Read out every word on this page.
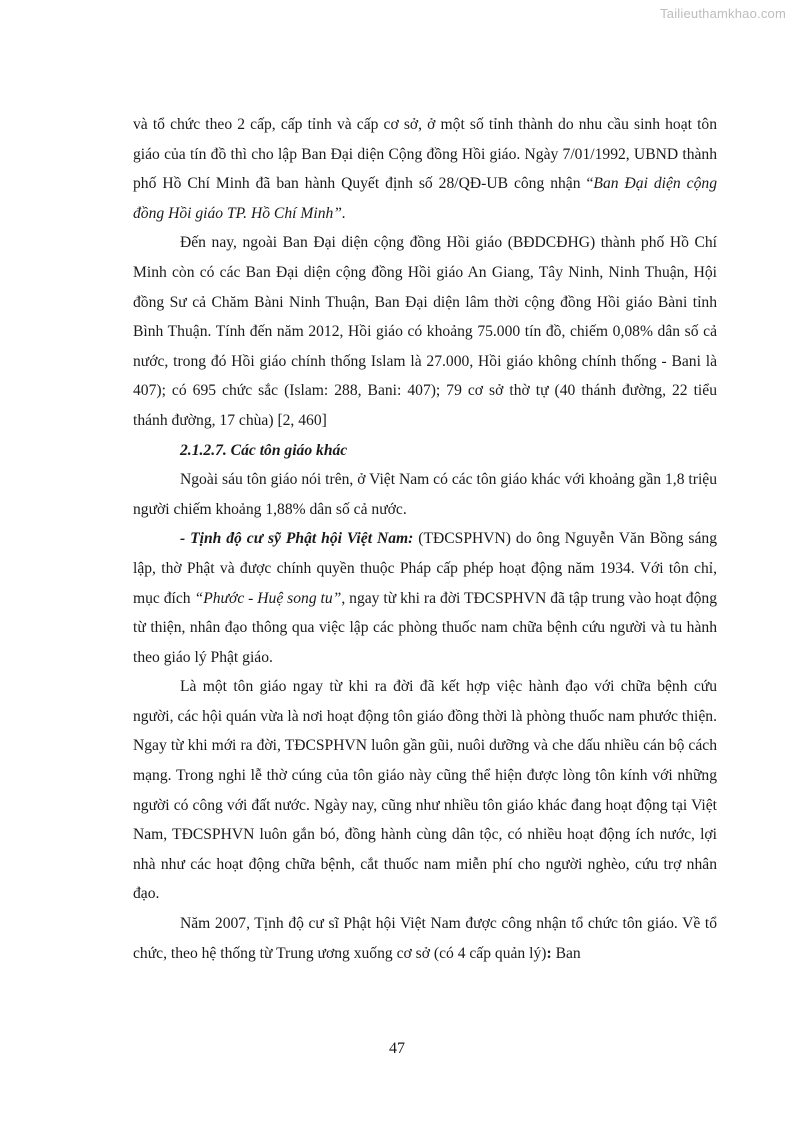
Tailieuthamkhao.com

và tổ chức theo 2 cấp, cấp tỉnh và cấp cơ sở, ở một số tỉnh thành do nhu cầu sinh hoạt tôn giáo của tín đồ thì cho lập Ban Đại diện Cộng đồng Hồi giáo. Ngày 7/01/1992, UBND thành phố Hồ Chí Minh đã ban hành Quyết định số 28/QĐ-UB công nhận “Ban Đại diện cộng đồng Hồi giáo TP. Hồ Chí Minh”.

Đến nay, ngoài Ban Đại diện cộng đồng Hồi giáo (BĐDCĐHG) thành phố Hồ Chí Minh còn có các Ban Đại diện cộng đồng Hồi giáo An Giang, Tây Ninh, Ninh Thuận, Hội đồng Sư cả Chăm Bàni Ninh Thuận, Ban Đại diện lâm thời cộng đồng Hồi giáo Bàni tỉnh Bình Thuận. Tính đến năm 2012, Hồi giáo có khoảng 75.000 tín đồ, chiếm 0,08% dân số cả nước, trong đó Hồi giáo chính thống Islam là 27.000, Hồi giáo không chính thống - Bani là 407); có 695 chức sắc (Islam: 288, Bani: 407); 79 cơ sở thờ tự (40 thánh đường, 22 tiểu thánh đường, 17 chùa) [2, 460]

2.1.2.7. Các tôn giáo khác

Ngoài sáu tôn giáo nói trên, ở Việt Nam có các tôn giáo khác với khoảng gần 1,8 triệu người chiếm khoảng 1,88% dân số cả nước.

- Tịnh độ cư sỹ Phật hội Việt Nam: (TĐCSPHVN) do ông Nguyễn Văn Bồng sáng lập, thờ Phật và được chính quyền thuộc Pháp cấp phép hoạt động năm 1934. Với tôn chỉ, mục đích “Phước - Huệ song tu”, ngay từ khi ra đời TĐCSPHVN đã tập trung vào hoạt động từ thiện, nhân đạo thông qua việc lập các phòng thuốc nam chữa bệnh cứu người và tu hành theo giáo lý Phật giáo.

Là một tôn giáo ngay từ khi ra đời đã kết hợp việc hành đạo với chữa bệnh cứu người, các hội quán vừa là nơi hoạt động tôn giáo đồng thời là phòng thuốc nam phước thiện. Ngay từ khi mới ra đời, TĐCSPHVN luôn gần gũi, nuôi dưỡng và che dấu nhiều cán bộ cách mạng. Trong nghi lễ thờ cúng của tôn giáo này cũng thể hiện được lòng tôn kính với những người có công với đất nước. Ngày nay, cũng như nhiều tôn giáo khác đang hoạt động tại Việt Nam, TĐCSPHVN luôn gắn bó, đồng hành cùng dân tộc, có nhiều hoạt động ích nước, lợi nhà như các hoạt động chữa bệnh, cắt thuốc nam miễn phí cho người nghèo, cứu trợ nhân đạo.

Năm 2007, Tịnh độ cư sĩ Phật hội Việt Nam được công nhận tổ chức tôn giáo. Về tổ chức, theo hệ thống từ Trung ương xuống cơ sở (có 4 cấp quản lý): Ban

47
